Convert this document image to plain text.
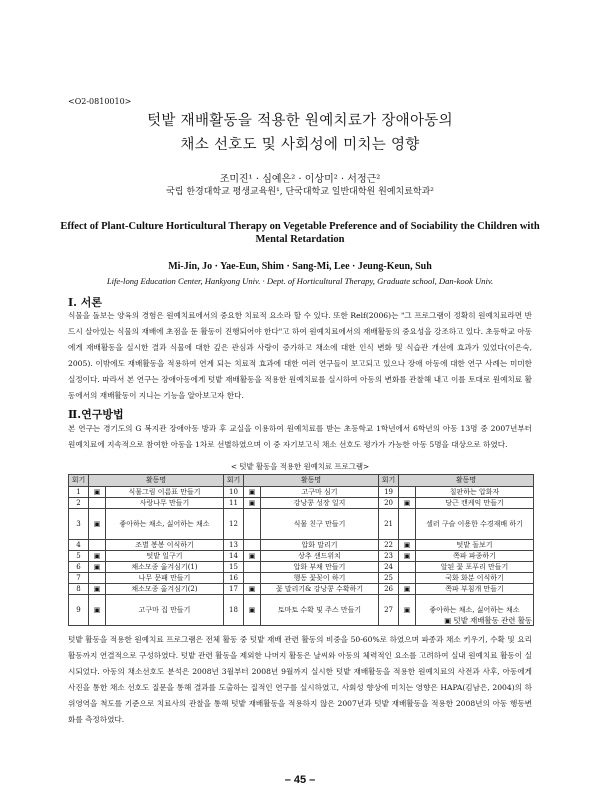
<O2-0810010>
텃밭 재배활동을 적용한 원예치료가 장애아동의
채소 선호도 및 사회성에 미치는 영향
조미진¹ · 심예은² · 이상미² · 서정근²
국립 한경대학교 평생교육원¹, 단국대학교 일반대학원 원예치료학과²
Effect of Plant-Culture Horticultural Therapy on Vegetable Preference and of Sociability the Children with Mental Retardation
Mi-Jin, Jo · Yae-Eun, Shim · Sang-Mi, Lee · Jeung-Keun, Suh
Life-long Education Center, Hankyong Univ. · Dept. of Horticultural Therapy, Graduate school, Dan-kook Univ.
Ⅰ. 서론
식물을 돌보는 양육의 경험은 원예치료에서의 중요한 치료적 요소라 할 수 있다. 또한 Relf(2006)는 "그 프로그램이 정확히 원예치료라면 반드시 살아있는 식물의 재배에 초점을 둔 활동이 진행되어야 한다"고 하여 원예치료에서의 재배활동의 중요성을 강조하고 있다. 초등학교 아동에게 재배활동을 실시한 결과 식물에 대한 깊은 관심과 사랑이 증가하고 채소에 대한 인식 변화 및 식습관 개선에 효과가 있었다(이은숙, 2005). 이밖에도 재배활동을 적용하여 연계 되는 치료적 효과에 대한 여러 연구들이 보고되고 있으나 장애 아동에 대한 연구 사례는 미미한 실정이다. 따라서 본 연구는 장애아동에게 텃밭 재배활동을 적용한 원예치료를 실시하여 아동의 변화를 관찰해 내고 이를 토대로 원예치료 활동에서의 재배활동이 지니는 기능을 알아보고자 한다.
Ⅱ.연구방법
본 연구는 경기도의 G 복지관 장애아동 방과 후 교실을 이용하여 원예치료를 받는 초등학교 1학년에서 6학년의 아동 13명 중 2007년부터 원예치료에 지속적으로 참여한 아동을 1차로 선별하였으며 이 중 자기보고식 채소 선호도 평가가 가능한 아동 5명을 대상으로 하였다.
< 텃밭 활동을 적용한 원예치료 프로그램>
회기	활동명		회기	활동명		회기	활동명	
1	▣	식물그림 이름표 만들기	10	▣	고구마 심기	19		칠판하는 압화자
2		사랑나무 만들기	11	▣	강낭콩 성장 일지	20	▣	당근 캔케익 만들기
3	▣	좋아하는 채소, 싫어하는 채소	12		식물 친구 만들기	21		셀러 구슬 이용한 수경재배 하기
4		조별 봉봉 이식하기	13		압화 말리기	22	▣	텃밭 돌보기
5	▣	텃밭 일구기	14	▣	상추 샌드위치	23	▣	쪽파 파종하기
6	▣	채소모종 옮겨심기(1)	15		압화 부채 만들기	24		알된 꽃 포푸리 만들기
7		나무 문패 만들기	16		행동 꽃꽂이 하기	25		국화 화분 이식하기
8	▣	채소모종 옮겨심기(2)	17	▣	꽃 말리기& 강낭콩 수확하기	26	▣	쪽파 부침개 만들기
9	▣	고구마 집 만들기	18	▣	토마토 수확 및 주스 만들기	27	▣	좋아하는 채소, 싫어하는 채소
▣ 텃밭 재배활동 관련 활동
텃밭 활동을 적용한 원예치료 프로그램은 전체 활동 중 텃밭 재배 관련 활동의 비중을 50-60%로 하였으며 파종과 채소 키우기, 수확 및 요리활동까지 연결적으로 구성하였다. 텃밭 관련 활동을 제외한 나머지 활동은 날씨와 아동의 체력적인 요소를 고려하여 실내 원예치료 활동이 실시되었다. 아동의 채소선호도 분석은 2008년 3월부터 2008년 9월까지 실시한 텃밭 재배활동을 적용한 원예치료의 사전과 사후, 아동에게 사진을 통한 채소 선호도 질문을 통해 결과를 도출하는 질적인 연구를 실시하였고, 사회성 향상에 미치는 영향은 HAPA(김남은, 2004)의 하위영역을 척도를 기준으로 치료사의 관찰을 통해 텃밭 재배활동을 적용하지 않은 2007년과 텃밭 재배활동을 적용한 2008년의 아동 행동변화를 측정하였다.
– 45 –
